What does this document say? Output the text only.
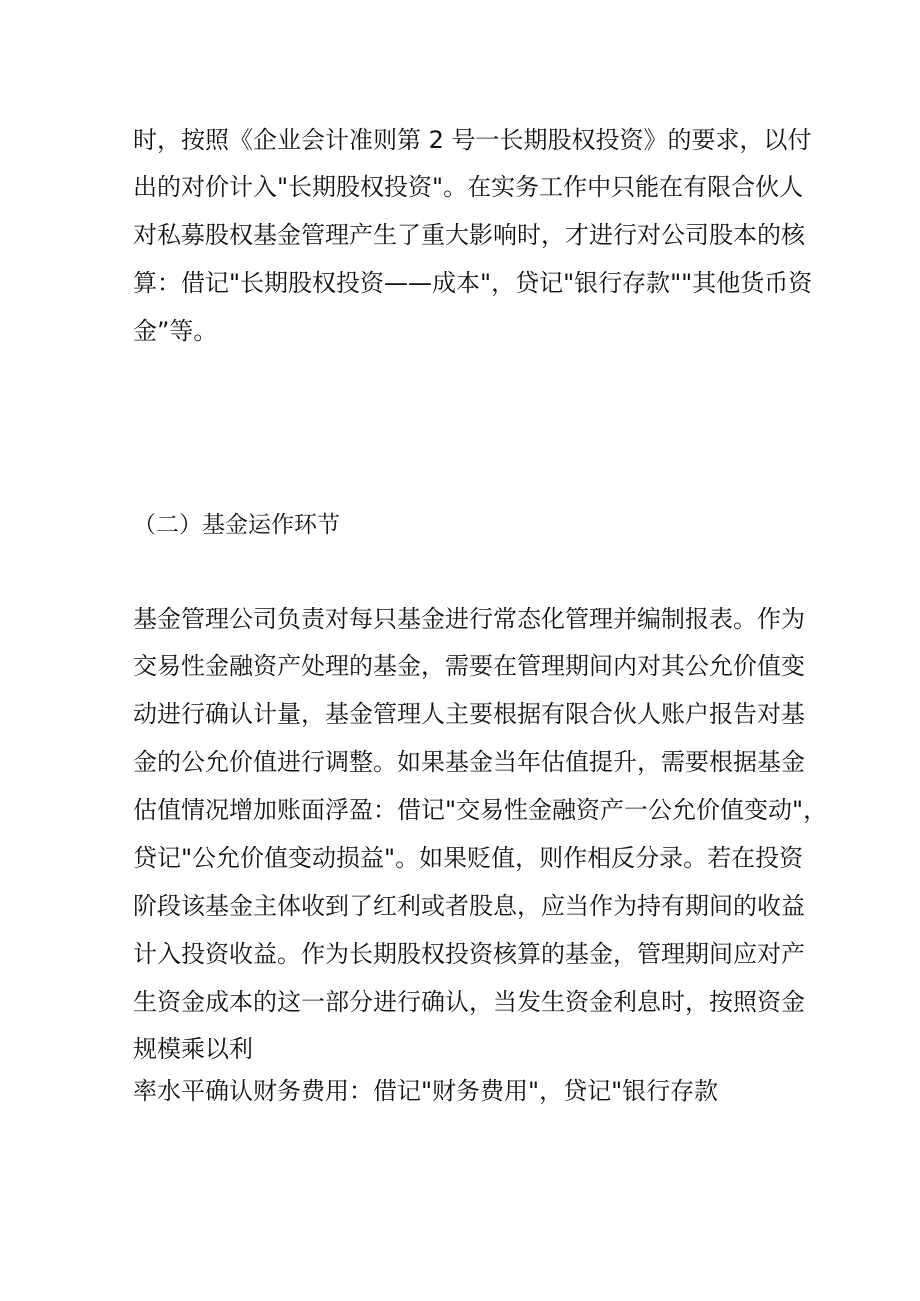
时，按照《企业会计准则第 2 号一长期股权投资》的要求，以付
出的对价计入"长期股权投资"。在实务工作中只能在有限合伙人
对私募股权基金管理产生了重大影响时，才进行对公司股本的核
算：借记"长期股权投资——成本"，贷记"银行存款""其他货币资
金”等。
（二）基金运作环节
基金管理公司负责对每只基金进行常态化管理并编制报表。作为
交易性金融资产处理的基金，需要在管理期间内对其公允价值变
动进行确认计量，基金管理人主要根据有限合伙人账户报告对基
金的公允价值进行调整。如果基金当年估值提升，需要根据基金
估值情况增加账面浮盈：借记"交易性金融资产一公允价值变动"，
贷记"公允价值变动损益"。如果贬值，则作相反分录。若在投资
阶段该基金主体收到了红利或者股息，应当作为持有期间的收益
计入投资收益。作为长期股权投资核算的基金，管理期间应对产
生资金成本的这一部分进行确认，当发生资金利息时，按照资金
规模乘以利
率水平确认财务费用：借记"财务费用"，贷记"银行存款
